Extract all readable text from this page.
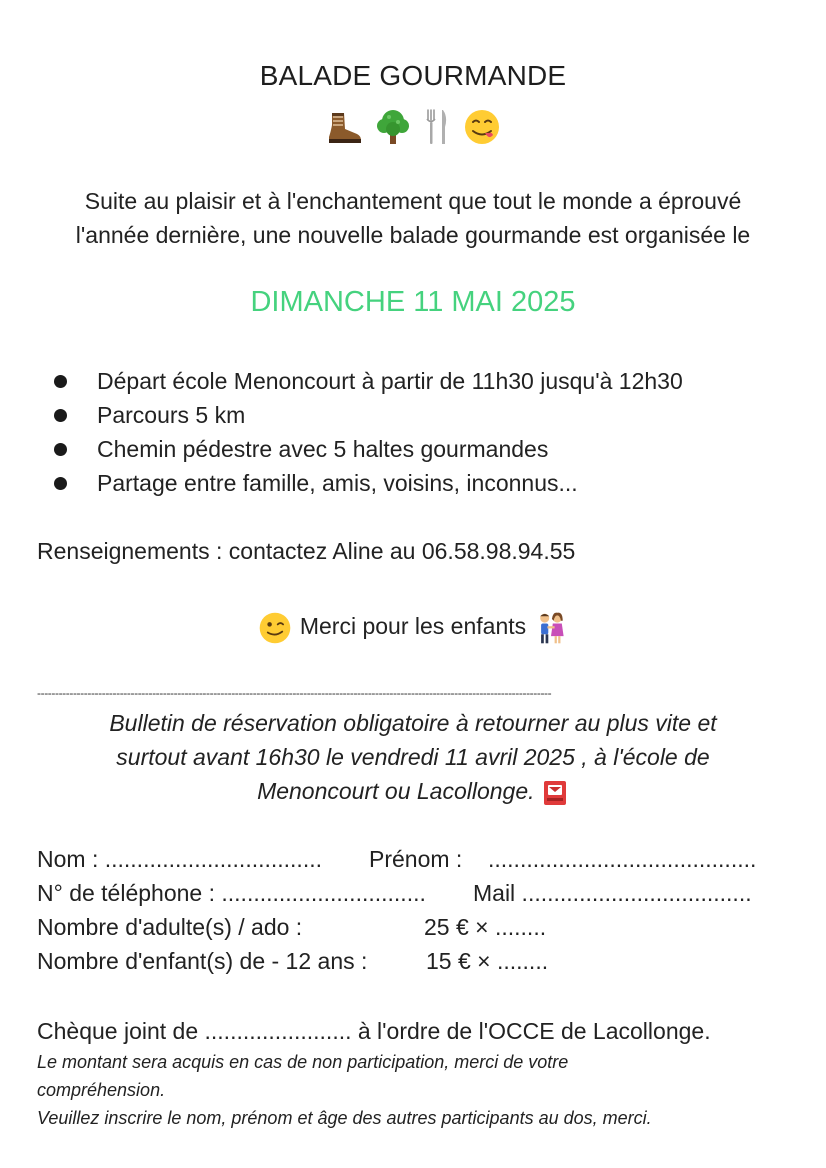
BALADE GOURMANDE

Suite au plaisir et à l'enchantement que tout le monde a éprouvé

l'année dernière, une nouvelle balade gourmande est organisée le

DIMANCHE 11 MAI 2025
Départ école Menoncourt à partir de 11h30 jusqu'à 12h30
Parcours 5 km
Chemin pédestre avec 5 haltes gourmandes
Partage entre famille, amis, voisins, inconnus...
Renseignements : contactez Aline au 06.58.98.94.55
Merci pour les enfants
-----------------------------------------------------------------------------------------------------------------------------------------------

Bulletin de réservation obligatoire à retourner au plus vite et

surtout avant 16h30 le vendredi 11 avril 2025 , à l'école de

Menoncourt ou Lacollonge.

Nom : .................................. Prénom : ..........................................
N° de téléphone : ................................ Mail ....................................
Nombre d'adulte(s) / ado :	25 € × ........
Nombre d'enfant(s) de - 12 ans :	15 € × ........
Chèque joint de ....................... à l'ordre de l'OCCE de Lacollonge.

Le montant sera acquis en cas de non participation, merci de votre

compréhension.

Veuillez inscrire le nom, prénom et âge des autres participants au dos, merci.
